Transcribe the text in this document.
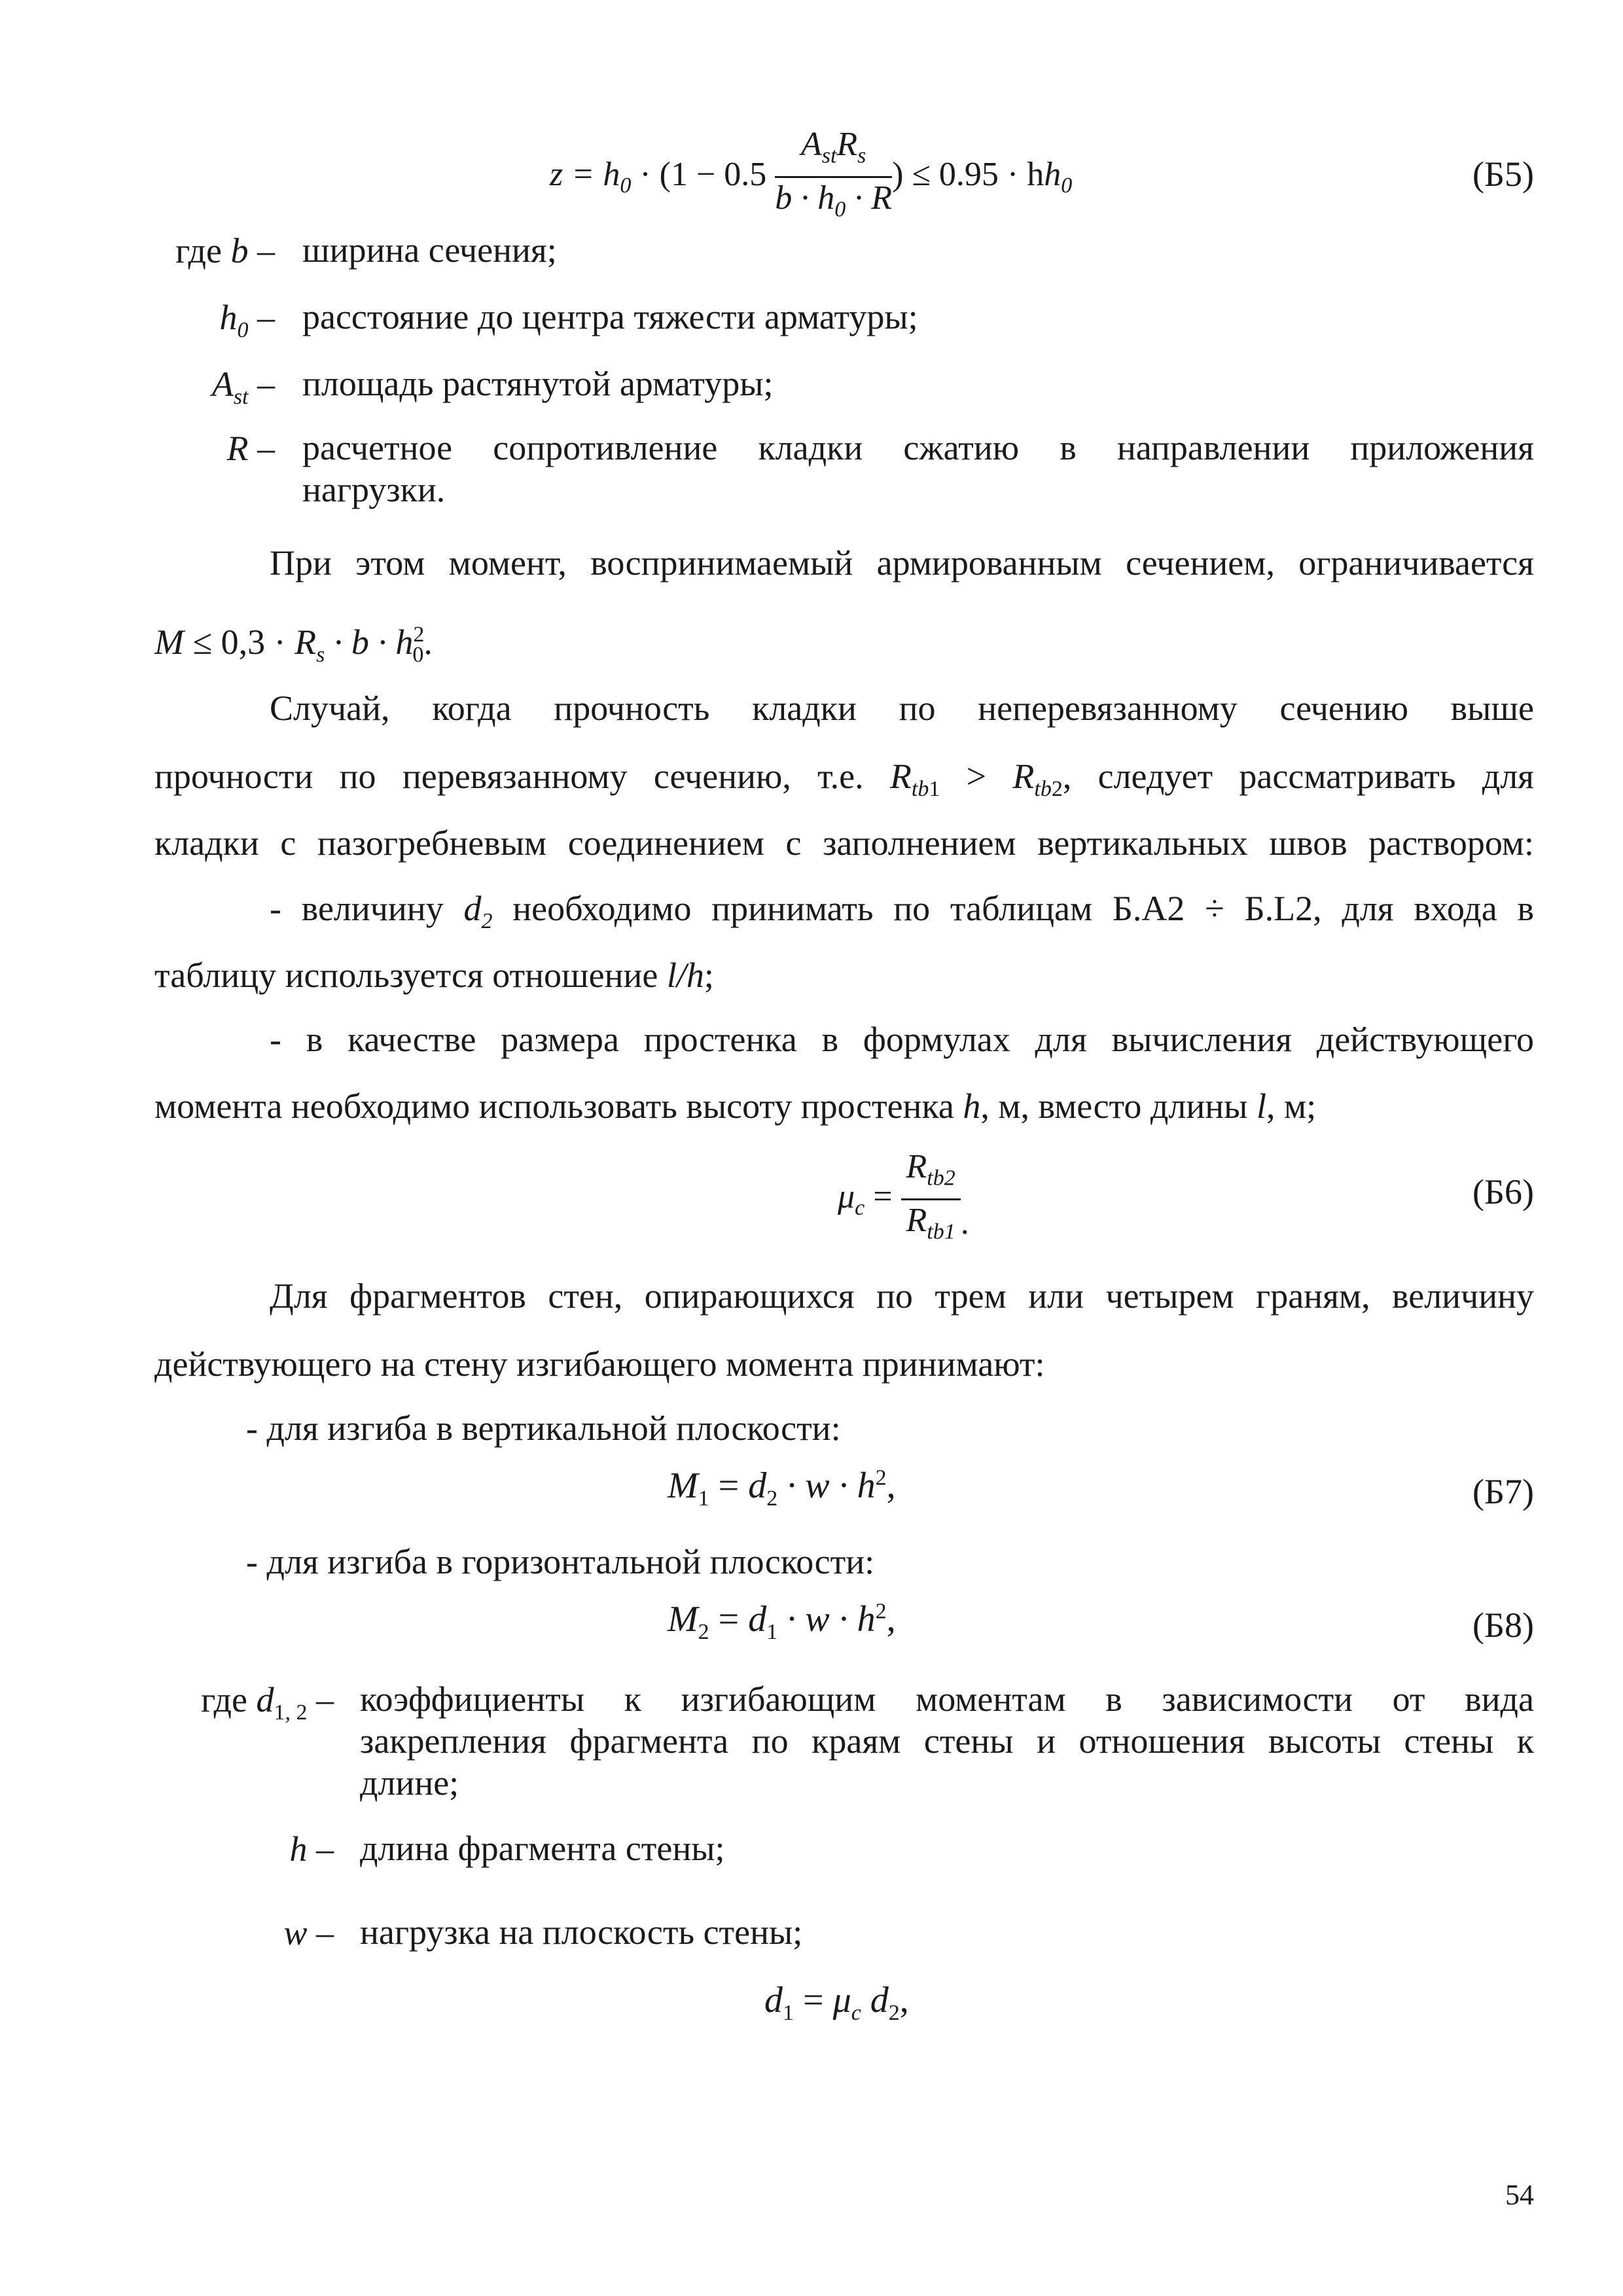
$z = h_0 \cdot (1 - 0.5 \frac{A_{st}R_s}{b \cdot h_0 \cdot R}$ ) ≤ $0.95 \cdot hh_0$	(Б5)
где b – ширина сечения;
$h_0$ – расстояние до центра тяжести арматуры;
$A_{st}$ – площадь растянутой арматуры;
R – расчетное сопротивление кладки сжатию в направлении приложения
нагрузки.
При этом момент, воспринимаемый армированным сечением, ограничивается
$M \le 0,3 \cdot R_s \cdot b \cdot h^2_0$.
Случай, когда прочность кладки по неперевязанному сечению выше
прочности по перевязанному сечению, т.е. $R_{tb1} > R_{tb2}$, следует рассматривать для
кладки с пазогребневым соединением с заполнением вертикальных швов раствором:
- величину $d_2$ необходимо принимать по таблицам Б.А2 ÷ Б.L2, для входа в
таблицу используется отношение l/h;
- в качестве размера простенка в формулах для вычисления действующего
момента необходимо использовать высоту простенка h, м, вместо длины l, м;
$\mu_c = \frac{R_{tb2}}{R_{tb1}}$ .
(Б6)
Для фрагментов стен, опирающихся по трем или четырем граням, величину
действующего на стену изгибающего момента принимают:
- для изгиба в вертикальной плоскости:
$M_1 = d_2 \cdot w \cdot h^2$,	(Б7)
- для изгиба в горизонтальной плоскости:
$M_2 = d_1 \cdot w \cdot h^2$,	(Б8)
где $d_{1, 2}$ – коэффициенты к изгибающим моментам в зависимости от вида
закрепления фрагмента по краям стены и отношения высоты стены к
длине;
h – длина фрагмента стены;
w – нагрузка на плоскость стены;
$d_1 = \mu_c$ $d_2$,
54
